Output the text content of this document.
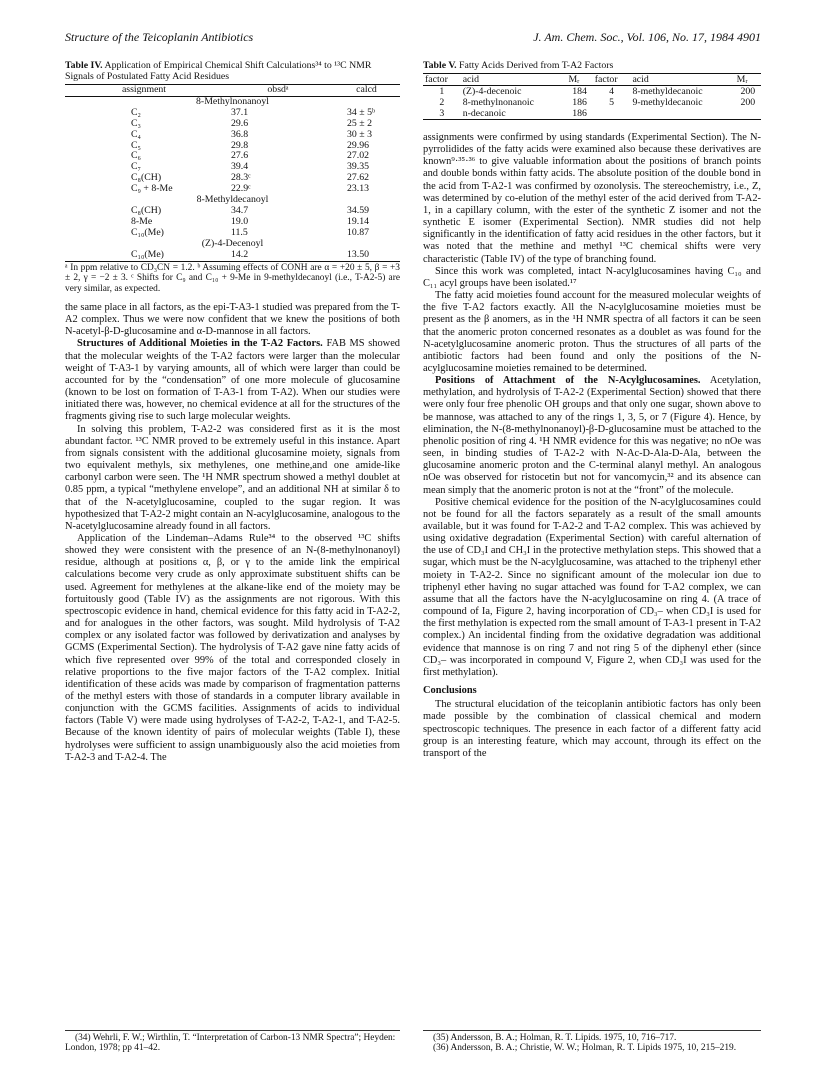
Structure of the Teicoplanin Antibiotics	J. Am. Chem. Soc., Vol. 106, No. 17, 1984 4901
Table IV. Application of Empirical Chemical Shift Calculations³⁴ to ¹³C NMR Signals of Postulated Fatty Acid Residues
assignment	obsdᵃ	calcd
8-Methylnonanoyl		
C₂	37.1	34 ± 5ᵇ
C₃	29.6	25 ± 2
C₄	36.8	30 ± 3
C₅	29.8	29.96
C₆	27.6	27.02
C₇	39.4	39.35
C₈(CH)	28.3ᶜ	27.62
C₉ + 8-Me	22.9ᶜ	23.13
8-Methyldecanoyl		
C₈(CH)	34.7	34.59
8-Me	19.0	19.14
C₁₀(Me)	11.5	10.87
(Z)-4-Decenoyl		
C₁₀(Me)	14.2	13.50
ᵃ In ppm relative to CD₃CN = 1.2. ᵇ Assuming effects of CONH are α = +20 ± 5, β = +3 ± 2, γ = −2 ± 3. ᶜ Shifts for C₉ and C₁₀ + 9-Me in 9-methyldecanoyl (i.e., T-A2-5) are very similar, as expected.

the same place in all factors, as the epi-T-A3-1 studied was prepared from the T-A2 complex. Thus we were now confident that we knew the positions of both N-acetyl-β-D-glucosamine and α-D-mannose in all factors.

Structures of Additional Moieties in the T-A2 Factors. FAB MS showed that the molecular weights of the T-A2 factors were larger than the molecular weight of T-A3-1 by varying amounts, all of which were larger than could be accounted for by the “condensation” of one more molecule of glucosamine (known to be lost on formation of T-A3-1 from T-A2). When our studies were initiated there was, however, no chemical evidence at all for the structures of the fragments giving rise to such large molecular weights.

In solving this problem, T-A2-2 was considered first as it is the most abundant factor. ¹³C NMR proved to be extremely useful in this instance. Apart from signals consistent with the additional glucosamine moiety, signals from two equivalent methyls, six methylenes, one methine,and one amide-like carbonyl carbon were seen. The ¹H NMR spectrum showed a methyl doublet at 0.85 ppm, a typical “methylene envelope”, and an additional NH at similar δ to that of the N-acetylglucosamine, coupled to the sugar region. It was hypothesized that T-A2-2 might contain an N-acylglucosamine, analogous to the N-acetylglucosamine already found in all factors.

Application of the Lindeman–Adams Rule³⁴ to the observed ¹³C shifts showed they were consistent with the presence of an N-(8-methylnonanoyl) residue, although at positions α, β, or γ to the amide link the empirical calculations become very crude as only approximate substituent shifts can be used. Agreement for methylenes at the alkane-like end of the moiety may be fortuitously good (Table IV) as the assignments are not rigorous. With this spectroscopic evidence in hand, chemical evidence for this fatty acid in T-A2-2, and for analogues in the other factors, was sought. Mild hydrolysis of T-A2 complex or any isolated factor was followed by derivatization and analyses by GCMS (Experimental Section). The hydrolysis of T-A2 gave nine fatty acids of which five represented over 99% of the total and corresponded closely in relative proportions to the five major factors of the T-A2 complex. Initial identification of these acids was made by comparison of fragmentation patterns of the methyl esters with those of standards in a computer library available in conjunction with the GCMS facilities. Assignments of acids to individual factors (Table V) were made using hydrolyses of T-A2-2, T-A2-1, and T-A2-5. Because of the known identity of pairs of molecular weights (Table I), these hydrolyses were sufficient to assign unambiguously also the acid moieties from T-A2-3 and T-A2-4. The

Table V. Fatty Acids Derived from T-A2 Factors
factor	acid	Mᵣ	factor	acid	Mᵣ
1	(Z)-4-decenoic	184	4	8-methyldecanoic	200
2	8-methylnonanoic	186	5	9-methyldecanoic	200
3	n-decanoic	186			

assignments were confirmed by using standards (Experimental Section). The N-pyrrolidides of the fatty acids were examined also because these derivatives are known⁹·³⁵·³⁶ to give valuable information about the positions of branch points and double bonds within fatty acids. The absolute position of the double bond in the acid from T-A2-1 was confirmed by ozonolysis. The stereochemistry, i.e., Z, was determined by co-elution of the methyl ester of the acid derived from T-A2-1, in a capillary column, with the ester of the synthetic Z isomer and not the synthetic E isomer (Experimental Section). NMR studies did not help significantly in the identification of fatty acid residues in the other factors, but it was noted that the methine and methyl ¹³C chemical shifts were very characteristic (Table IV) of the type of branching found.

Since this work was completed, intact N-acylglucosamines having C₁₀ and C₁₁ acyl groups have been isolated.¹⁷

The fatty acid moieties found account for the measured molecular weights of the five T-A2 factors exactly. All the N-acylglucosamine moieties must be present as the β anomers, as in the ¹H NMR spectra of all factors it can be seen that the anomeric proton concerned resonates as a doublet as was found for the N-acetylglucosamine anomeric proton. Thus the structures of all parts of the antibiotic factors had been found and only the positions of the N-acylglucosamine moieties remained to be determined.

Positions of Attachment of the N-Acylglucosamines. Acetylation, methylation, and hydrolysis of T-A2-2 (Experimental Section) showed that there were only four free phenolic OH groups and that only one sugar, shown above to be mannose, was attached to any of the rings 1, 3, 5, or 7 (Figure 4). Hence, by elimination, the N-(8-methylnonanoyl)-β-D-glucosamine must be attached to the phenolic position of ring 4. ¹H NMR evidence for this was negative; no nOe was seen, in binding studies of T-A2-2 with N-Ac-D-Ala-D-Ala, between the glucosamine anomeric proton and the C-terminal alanyl methyl. An analogous nOe was observed for ristocetin but not for vancomycin,³² and its absence can mean simply that the anomeric proton is not at the “front” of the molecule.

Positive chemical evidence for the position of the N-acylglucosamines could not be found for all the factors separately as a result of the small amounts available, but it was found for T-A2-2 and T-A2 complex. This was achieved by using oxidative degradation (Experimental Section) with careful alternation of the use of CD₃I and CH₃I in the protective methylation steps. This showed that a sugar, which must be the N-acylglucosamine, was attached to the triphenyl ether moiety in T-A2-2. Since no significant amount of the molecular ion due to triphenyl ether having no sugar attached was found for T-A2 complex, we can assume that all the factors have the N-acylglucosamine on ring 4. (A trace of compound of Ia, Figure 2, having incorporation of CD₃– when CD₃I is used for the first methylation is expected rom the small amount of T-A3-1 present in T-A2 complex.) An incidental finding from the oxidative degradation was additional evidence that mannose is on ring 7 and not ring 5 of the diphenyl ether (since CD₃– was incorporated in compound V, Figure 2, when CD₃I was used for the first methylation).

Conclusions

The structural elucidation of the teicoplanin antibiotic factors has only been made possible by the combination of classical chemical and modern spectroscopic techniques. The presence in each factor of a different fatty acid group is an interesting feature, which may account, through its effect on the transport of the

(34) Wehrli, F. W.; Wirthlin, T. “Interpretation of Carbon-13 NMR Spectra”; Heyden: London, 1978; pp 41–42.
(35) Andersson, B. A.; Holman, R. T. Lipids. 1975, 10, 716–717.
(36) Andersson, B. A.; Christie, W. W.; Holman, R. T. Lipids 1975, 10, 215–219.
